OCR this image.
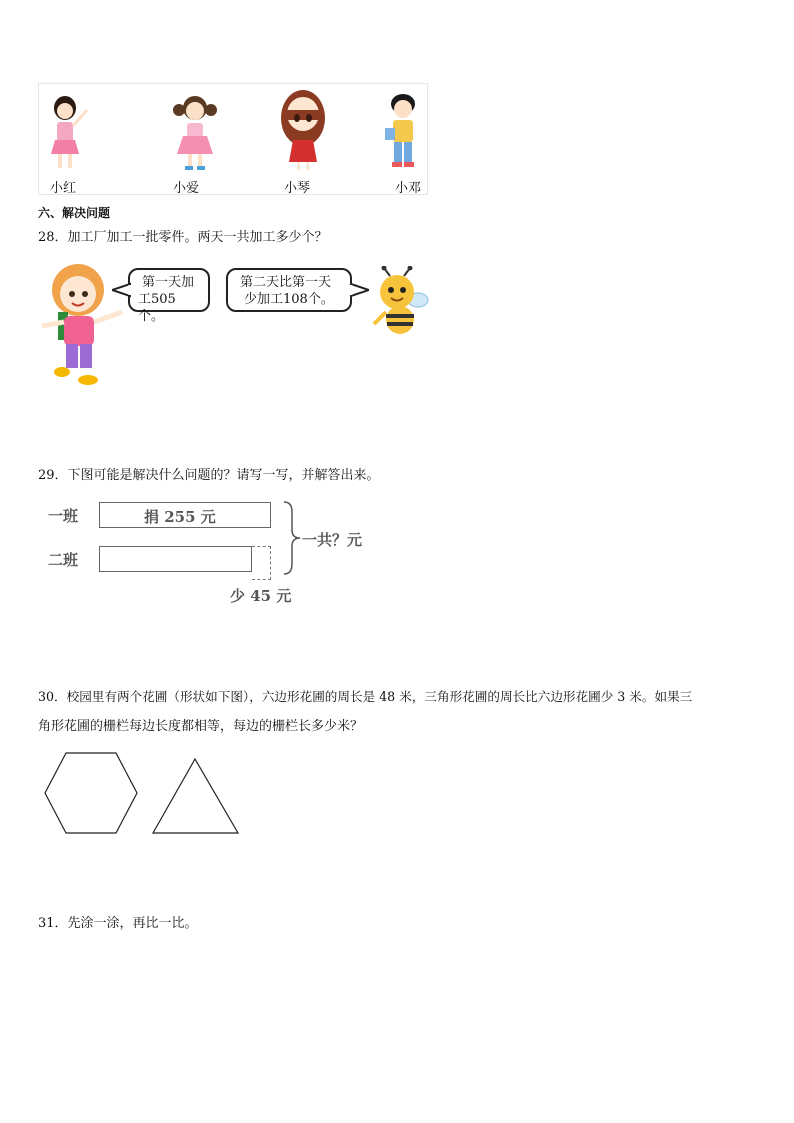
小红	小爱	小琴	小邓
六、解决问题
28．加工厂加工一批零件。两天一共加工多少个？
第一天加
工505个。
第二天比第一天
少加工108个。
29．下图可能是解决什么问题的？请写一写，并解答出来。
一班	捐 255 元
二班
一共？元
少 45 元
30．校园里有两个花圃（形状如下图），六边形花圃的周长是 48 米，三角形花圃的周长比六边形花圃少 3 米。如果三
角形花圃的栅栏每边长度都相等，每边的栅栏长多少米？
31．先涂一涂，再比一比。
